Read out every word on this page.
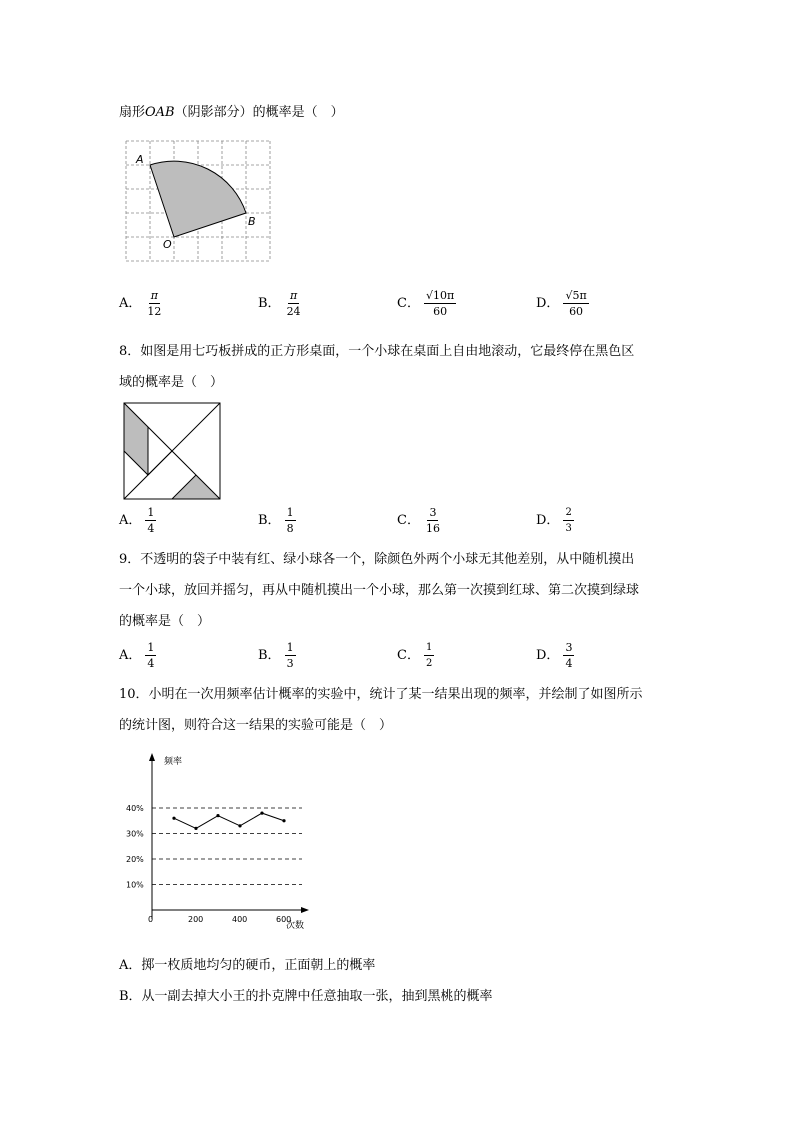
扇形OAB（阴影部分）的概率是（　）
A
B
O
A． $\frac{\pi}{12}$	B． $\frac{\pi}{24}$	C． $\frac{√10\pi}{60}$	D． $\frac{√5\pi}{60}$
8．如图是用七巧板拼成的正方形桌面，一个小球在桌面上自由地滚动，它最终停在黑色区
域的概率是（　）
A． $\frac{1}{4}$	B． $\frac{1}{8}$	C． $\frac{3}{16}$	D． $\frac{2}{3}$
9．不透明的袋子中装有红、绿小球各一个，除颜色外两个小球无其他差别，从中随机摸出
一个小球，放回并摇匀，再从中随机摸出一个小球，那么第一次摸到红球、第二次摸到绿球
的概率是（　）
A． $\frac{1}{4}$	B． $\frac{1}{3}$	C． $\frac{1}{2}$	D． $\frac{3}{4}$
10．小明在一次用频率估计概率的实验中，统计了某一结果出现的频率，并绘制了如图所示
的统计图，则符合这一结果的实验可能是（　）
频率
次数
0
10%
20%
30%
40%
200	400	600
A．掷一枚质地均匀的硬币，正面朝上的概率
B．从一副去掉大小王的扑克牌中任意抽取一张，抽到黑桃的概率
